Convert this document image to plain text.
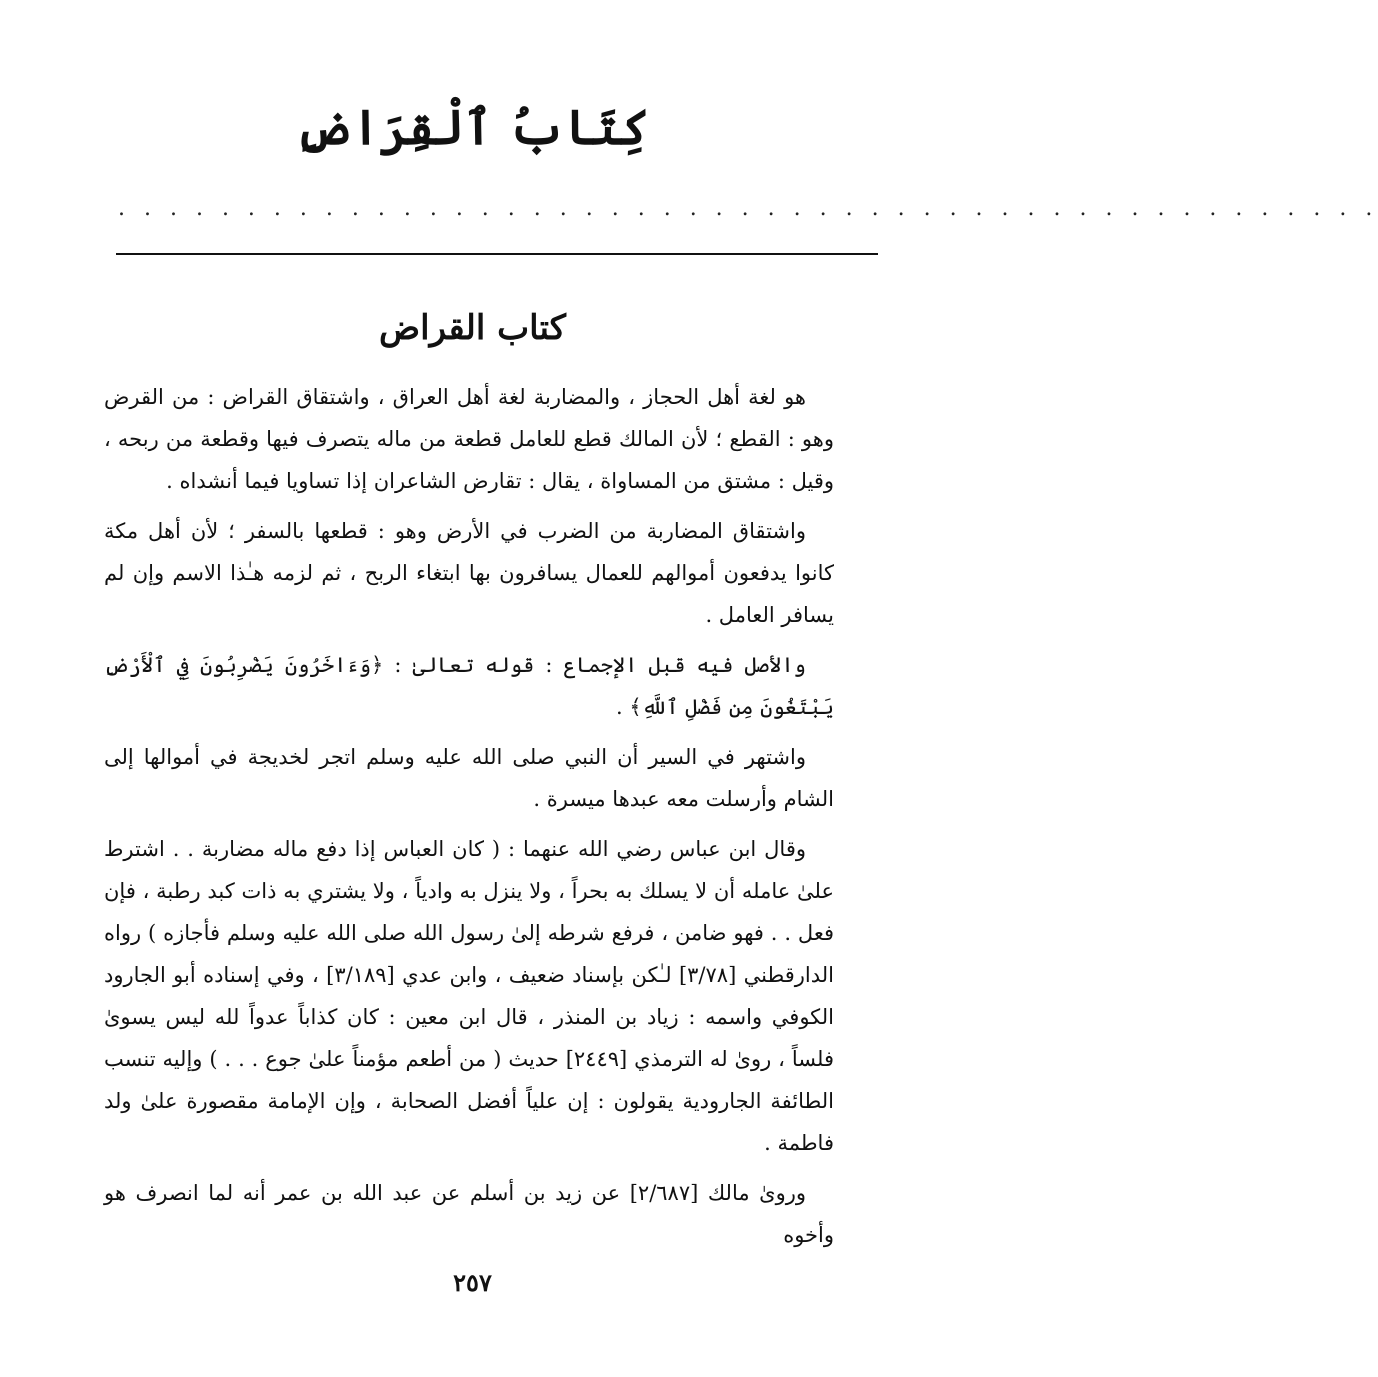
كِتَابُ ٱلْقِرَاضِ
. . . . . . . . . . . . . . . . . . . . . . . . . . . . . . . . . . . . . . . . . . . . . . . . .
كتاب القراض

هو لغة أهل الحجاز ، والمضاربة لغة أهل العراق ، واشتقاق القراض : من القرض وهو : القطع ؛ لأن المالك قطع للعامل قطعة من ماله يتصرف فيها وقطعة من ربحه ، وقيل : مشتق من المساواة ، يقال : تقارض الشاعران إذا تساويا فيما أنشداه .

واشتقاق المضاربة من الضرب في الأرض وهو : قطعها بالسفر ؛ لأن أهل مكة كانوا يدفعون أموالهم للعمال يسافرون بها ابتغاء الربح ، ثم لزمه هـٰذا الاسم وإن لم يسافر العامل .

والأصل فيه قبل الإجماع : قوله تعالىٰ : ﴿وَءَاخَرُونَ يَضْرِبُونَ فِي ٱلْأَرْضِ يَبْتَغُونَ مِن فَضْلِ ٱللَّهِ﴾ .

واشتهر في السير أن النبي صلى الله عليه وسلم اتجر لخديجة في أموالها إلى الشام وأرسلت معه عبدها ميسرة .

وقال ابن عباس رضي الله عنهما : ( كان العباس إذا دفع ماله مضاربة . . اشترط علىٰ عامله أن لا يسلك به بحراً ، ولا ينزل به وادياً ، ولا يشتري به ذات كبد رطبة ، فإن فعل . . فهو ضامن ، فرفع شرطه إلىٰ رسول الله صلى الله عليه وسلم فأجازه ) رواه الدارقطني [٣/٧٨] لـٰكن بإسناد ضعيف ، وابن عدي [٣/١٨٩] ، وفي إسناده أبو الجارود الكوفي واسمه : زياد بن المنذر ، قال ابن معين : كان كذاباً عدواً لله ليس يسوىٰ فلساً ، روىٰ له الترمذي [٢٤٤٩] حديث ( من أطعم مؤمناً علىٰ جوع . . . ) وإليه تنسب الطائفة الجارودية يقولون : إن علياً أفضل الصحابة ، وإن الإمامة مقصورة علىٰ ولد فاطمة .

وروىٰ مالك [٢/٦٨٧] عن زيد بن أسلم عن عبد الله بن عمر أنه لما انصرف هو وأخوه

٢٥٧
